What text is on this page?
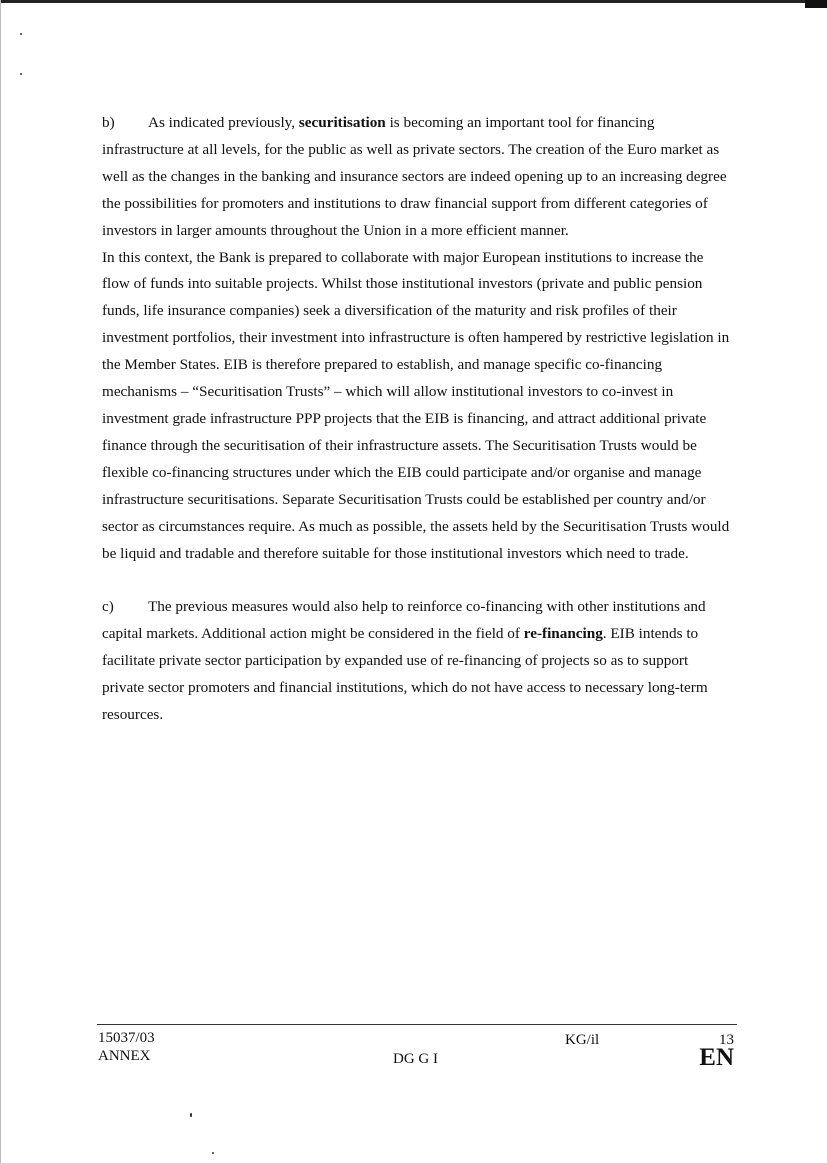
b) As indicated previously, securitisation is becoming an important tool for financing infrastructure at all levels, for the public as well as private sectors. The creation of the Euro market as well as the changes in the banking and insurance sectors are indeed opening up to an increasing degree the possibilities for promoters and institutions to draw financial support from different categories of investors in larger amounts throughout the Union in a more efficient manner.

In this context, the Bank is prepared to collaborate with major European institutions to increase the flow of funds into suitable projects. Whilst those institutional investors (private and public pension funds, life insurance companies) seek a diversification of the maturity and risk profiles of their investment portfolios, their investment into infrastructure is often hampered by restrictive legislation in the Member States. EIB is therefore prepared to establish, and manage specific co-financing mechanisms – “Securitisation Trusts” – which will allow institutional investors to co-invest in investment grade infrastructure PPP projects that the EIB is financing, and attract additional private finance through the securitisation of their infrastructure assets. The Securitisation Trusts would be flexible co-financing structures under which the EIB could participate and/or organise and manage infrastructure securitisations. Separate Securitisation Trusts could be established per country and/or sector as circumstances require. As much as possible, the assets held by the Securitisation Trusts would be liquid and tradable and therefore suitable for those institutional investors which need to trade.

c) The previous measures would also help to reinforce co-financing with other institutions and capital markets. Additional action might be considered in the field of re-financing. EIB intends to facilitate private sector participation by expanded use of re-financing of projects so as to support private sector promoters and financial institutions, which do not have access to necessary long-term resources.

15037/03
ANNEX	DG G I
KG/il	13
EN
